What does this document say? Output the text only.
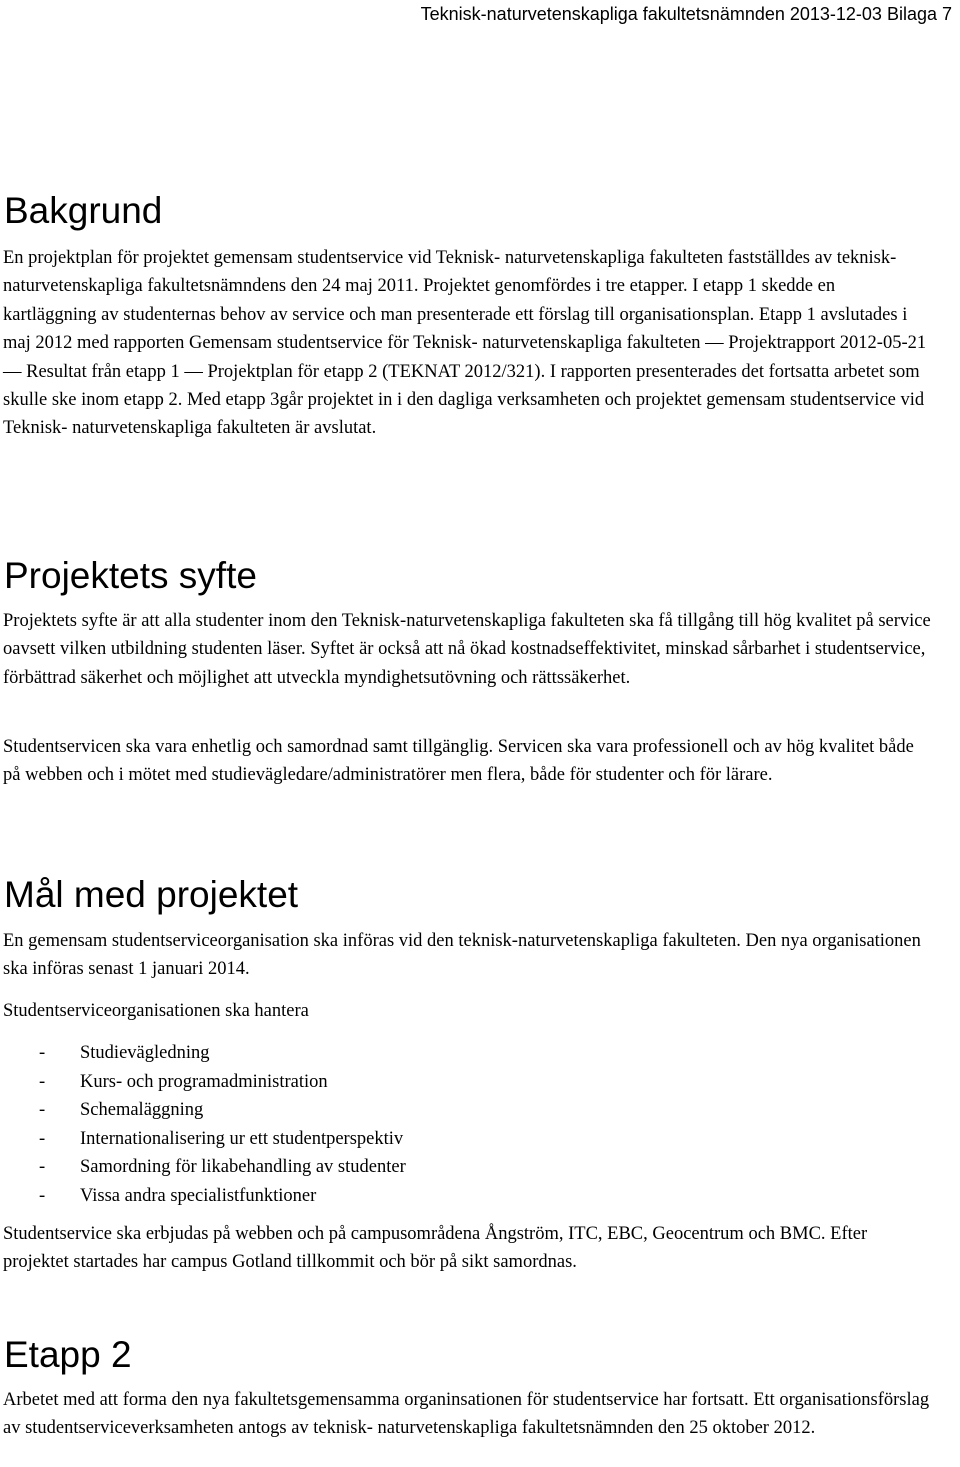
Teknisk-naturvetenskapliga fakultetsnämnden 2013-12-03 Bilaga 7
Bakgrund

En projektplan för projektet gemensam studentservice vid Teknisk- naturvetenskapliga fakulteten fastställdes av teknisk- naturvetenskapliga fakultetsnämndens den 24 maj 2011. Projektet genomfördes i tre etapper. I etapp 1 skedde en kartläggning av studenternas behov av service och man presenterade ett förslag till organisationsplan. Etapp 1 avslutades i maj 2012 med rapporten Gemensam studentservice för Teknisk- naturvetenskapliga fakulteten — Projektrapport 2012-05-21 — Resultat från etapp 1 — Projektplan för etapp 2 (TEKNAT 2012/321). I rapporten presenterades det fortsatta arbetet som skulle ske inom etapp 2. Med etapp 3går projektet in i den dagliga verksamheten och projektet gemensam studentservice vid Teknisk- naturvetenskapliga fakulteten är avslutat.

Projektets syfte

Projektets syfte är att alla studenter inom den Teknisk-naturvetenskapliga fakulteten ska få tillgång till hög kvalitet på service oavsett vilken utbildning studenten läser. Syftet är också att nå ökad kostnadseffektivitet, minskad sårbarhet i studentservice, förbättrad säkerhet och möjlighet att utveckla myndighetsutövning och rättssäkerhet.

Studentservicen ska vara enhetlig och samordnad samt tillgänglig. Servicen ska vara professionell och av hög kvalitet både på webben och i mötet med studievägledare/administratörer men flera, både för studenter och för lärare.

Mål med projektet

En gemensam studentserviceorganisation ska införas vid den teknisk-naturvetenskapliga fakulteten. Den nya organisationen ska införas senast 1 januari 2014.

Studentserviceorganisationen ska hantera

- Studievägledning
- Kurs- och programadministration
- Schemaläggning
- Internationalisering ur ett studentperspektiv
- Samordning för likabehandling av studenter
- Vissa andra specialistfunktioner

Studentservice ska erbjudas på webben och på campusområdena Ångström, ITC, EBC, Geocentrum och BMC. Efter projektet startades har campus Gotland tillkommit och bör på sikt samordnas.

Etapp 2

Arbetet med att forma den nya fakultetsgemensamma organinsationen för studentservice har fortsatt. Ett organisationsförslag av studentserviceverksamheten antogs av teknisk- naturvetenskapliga fakultetsnämnden den 25 oktober 2012.
